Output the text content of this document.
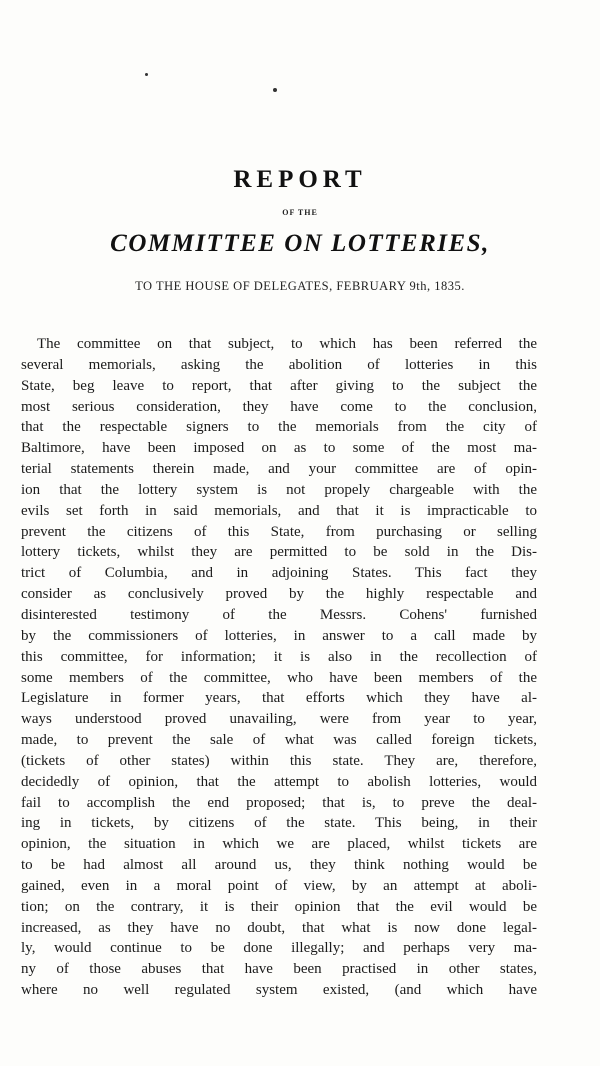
REPORT
OF THE
COMMITTEE ON LOTTERIES,
TO THE HOUSE OF DELEGATES, FEBRUARY 9th, 1835.
The committee on that subject, to which has been referred the
several memorials, asking the abolition of lotteries in this
State, beg leave to report, that after giving to the subject the
most serious consideration, they have come to the conclusion,
that the respectable signers to the memorials from the city of
Baltimore, have been imposed on as to some of the most ma-
terial statements therein made, and your committee are of opin-
ion that the lottery system is not propely chargeable with the
evils set forth in said memorials, and that it is impracticable to
prevent the citizens of this State, from purchasing or selling
lottery tickets, whilst they are permitted to be sold in the Dis-
trict of Columbia, and in adjoining States. This fact they
consider as conclusively proved by the highly respectable and
disinterested testimony of the Messrs. Cohens' furnished
by the commissioners of lotteries, in answer to a call made by
this committee, for information; it is also in the recollection of
some members of the committee, who have been members of the
Legislature in former years, that efforts which they have al-
ways understood proved unavailing, were from year to year,
made, to prevent the sale of what was called foreign tickets,
(tickets of other states) within this state. They are, therefore,
decidedly of opinion, that the attempt to abolish lotteries, would
fail to accomplish the end proposed; that is, to preve the deal-
ing in tickets, by citizens of the state. This being, in their
opinion, the situation in which we are placed, whilst tickets are
to be had almost all around us, they think nothing would be
gained, even in a moral point of view, by an attempt at aboli-
tion; on the contrary, it is their opinion that the evil would be
increased, as they have no doubt, that what is now done legal-
ly, would continue to be done illegally; and perhaps very ma-
ny of those abuses that have been practised in other states,
where no well regulated system existed, (and which have
